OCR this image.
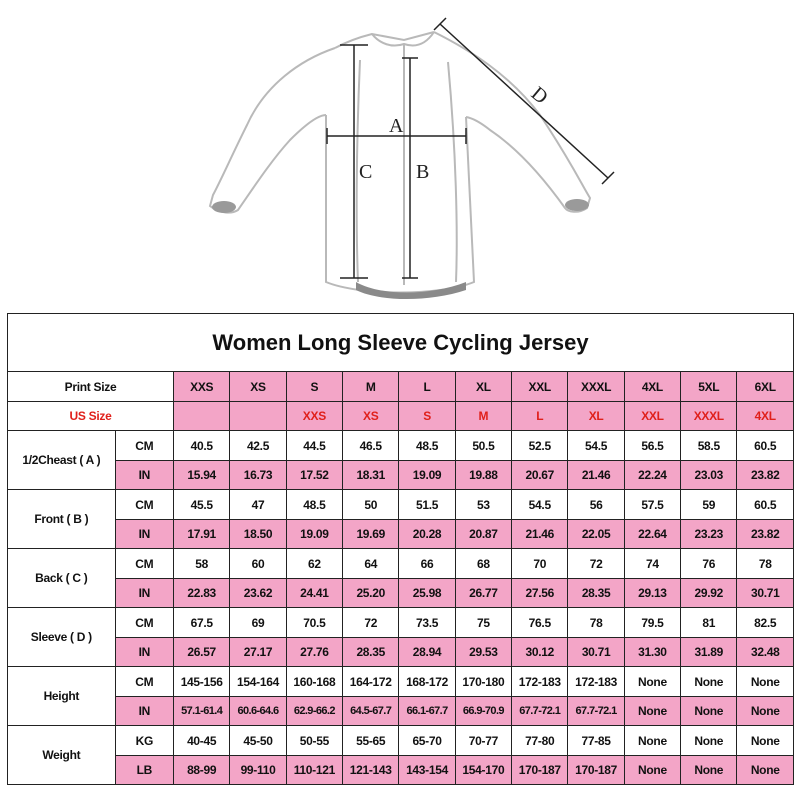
A
B
C
D
Women Long Sleeve Cycling Jersey												
Print Size		XXS	XS	S	M	L	XL	XXL	XXXL	4XL	5XL	6XL
US Size				XXS	XS	S	M	L	XL	XXL	XXXL	4XL
1/2Cheast ( A )	CM	40.5	42.5	44.5	46.5	48.5	50.5	52.5	54.5	56.5	58.5	60.5
	IN	15.94	16.73	17.52	18.31	19.09	19.88	20.67	21.46	22.24	23.03	23.82
Front ( B )	CM	45.5	47	48.5	50	51.5	53	54.5	56	57.5	59	60.5
	IN	17.91	18.50	19.09	19.69	20.28	20.87	21.46	22.05	22.64	23.23	23.82
Back ( C )	CM	58	60	62	64	66	68	70	72	74	76	78
	IN	22.83	23.62	24.41	25.20	25.98	26.77	27.56	28.35	29.13	29.92	30.71
Sleeve ( D )	CM	67.5	69	70.5	72	73.5	75	76.5	78	79.5	81	82.5
	IN	26.57	27.17	27.76	28.35	28.94	29.53	30.12	30.71	31.30	31.89	32.48
Height	CM	145-156	154-164	160-168	164-172	168-172	170-180	172-183	172-183	None	None	None
	IN	57.1-61.4	60.6-64.6	62.9-66.2	64.5-67.7	66.1-67.7	66.9-70.9	67.7-72.1	67.7-72.1	None	None	None
Weight	KG	40-45	45-50	50-55	55-65	65-70	70-77	77-80	77-85	None	None	None
	LB	88-99	99-110	110-121	121-143	143-154	154-170	170-187	170-187	None	None	None
